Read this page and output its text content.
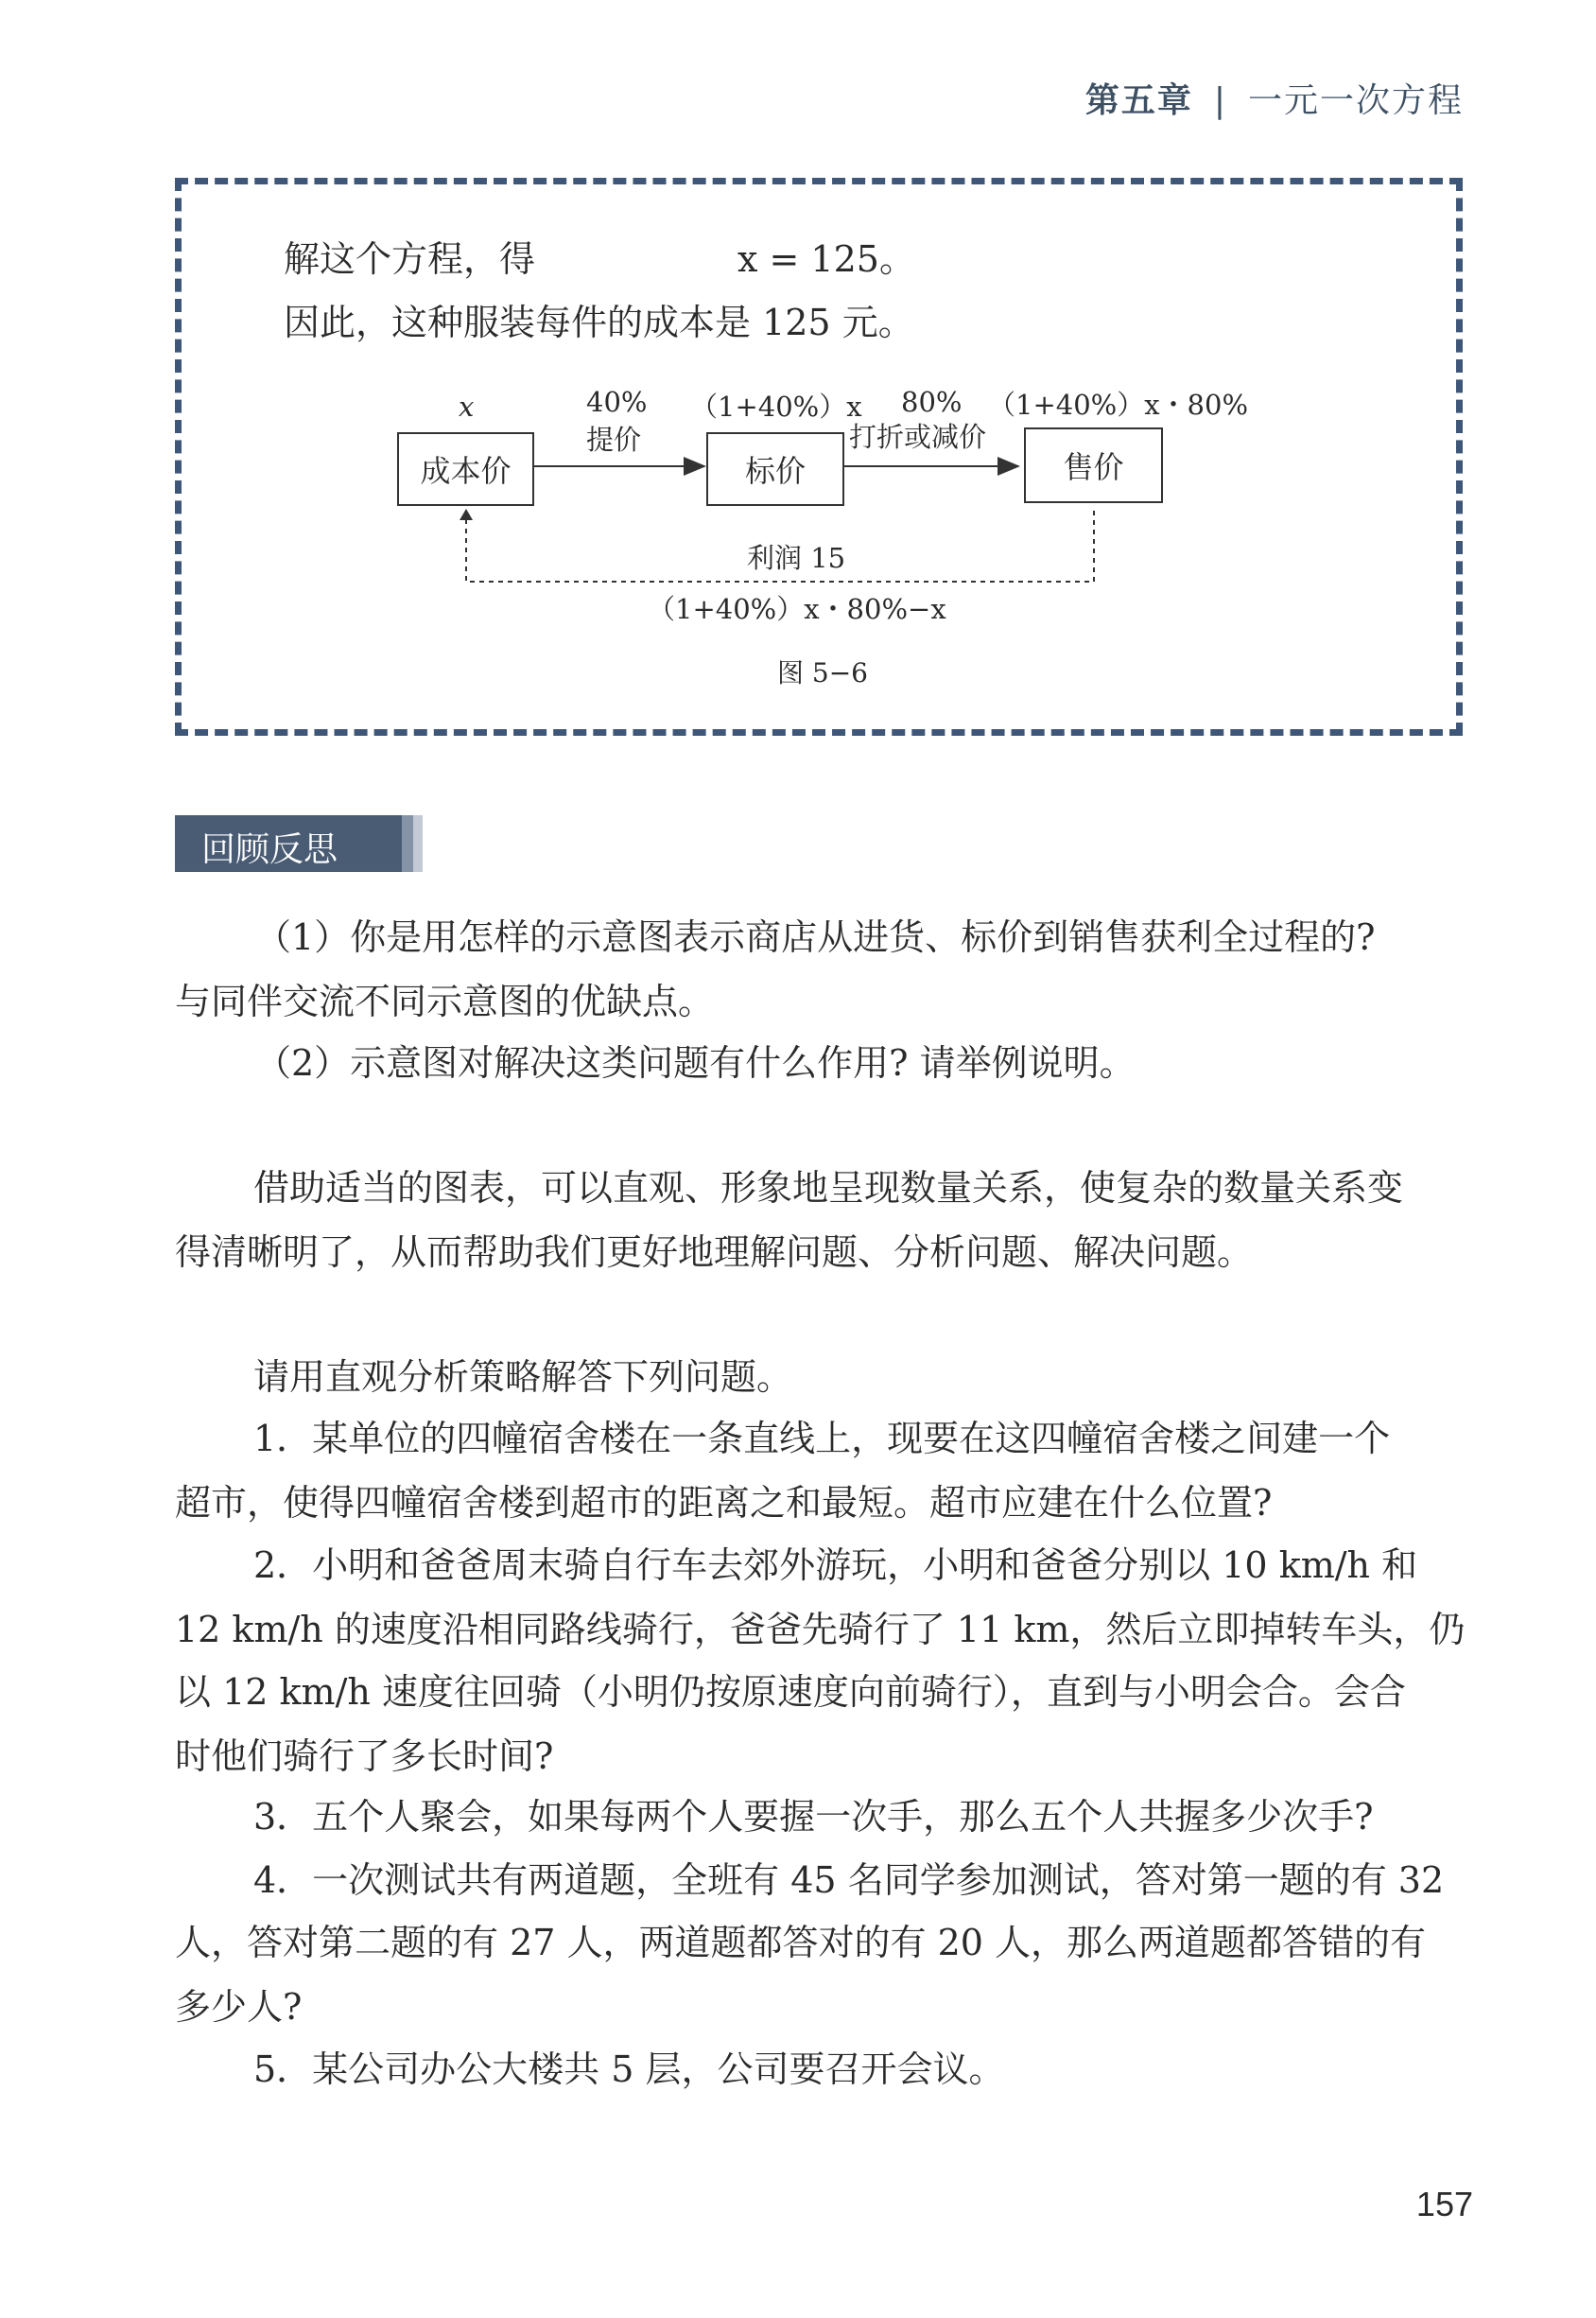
第五章 | 一元一次方程
解这个方程，得	x = 125。
因此，这种服装每件的成本是 125 元。
成本价	标价	售价
x	40%
提价
（1+40%）x 80%
打折或减价
（1+40%）x・80%
利润 15
（1+40%）x・80%−x
图 5−6
回顾反思
（1）你是用怎样的示意图表示商店从进货、标价到销售获利全过程的?
与同伴交流不同示意图的优缺点。
（2）示意图对解决这类问题有什么作用? 请举例说明。
借助适当的图表，可以直观、形象地呈现数量关系，使复杂的数量关系变
得清晰明了，从而帮助我们更好地理解问题、分析问题、解决问题。
请用直观分析策略解答下列问题。
1．某单位的四幢宿舍楼在一条直线上，现要在这四幢宿舍楼之间建一个
超市，使得四幢宿舍楼到超市的距离之和最短。超市应建在什么位置?
2．小明和爸爸周末骑自行车去郊外游玩，小明和爸爸分别以 10 km/h 和
12 km/h 的速度沿相同路线骑行，爸爸先骑行了 11 km，然后立即掉转车头，仍
以 12 km/h 速度往回骑（小明仍按原速度向前骑行），直到与小明会合。会合
时他们骑行了多长时间?
3．五个人聚会，如果每两个人要握一次手，那么五个人共握多少次手?
4．一次测试共有两道题，全班有 45 名同学参加测试，答对第一题的有 32
人，答对第二题的有 27 人，两道题都答对的有 20 人，那么两道题都答错的有
多少人?
5．某公司办公大楼共 5 层，公司要召开会议。
157
